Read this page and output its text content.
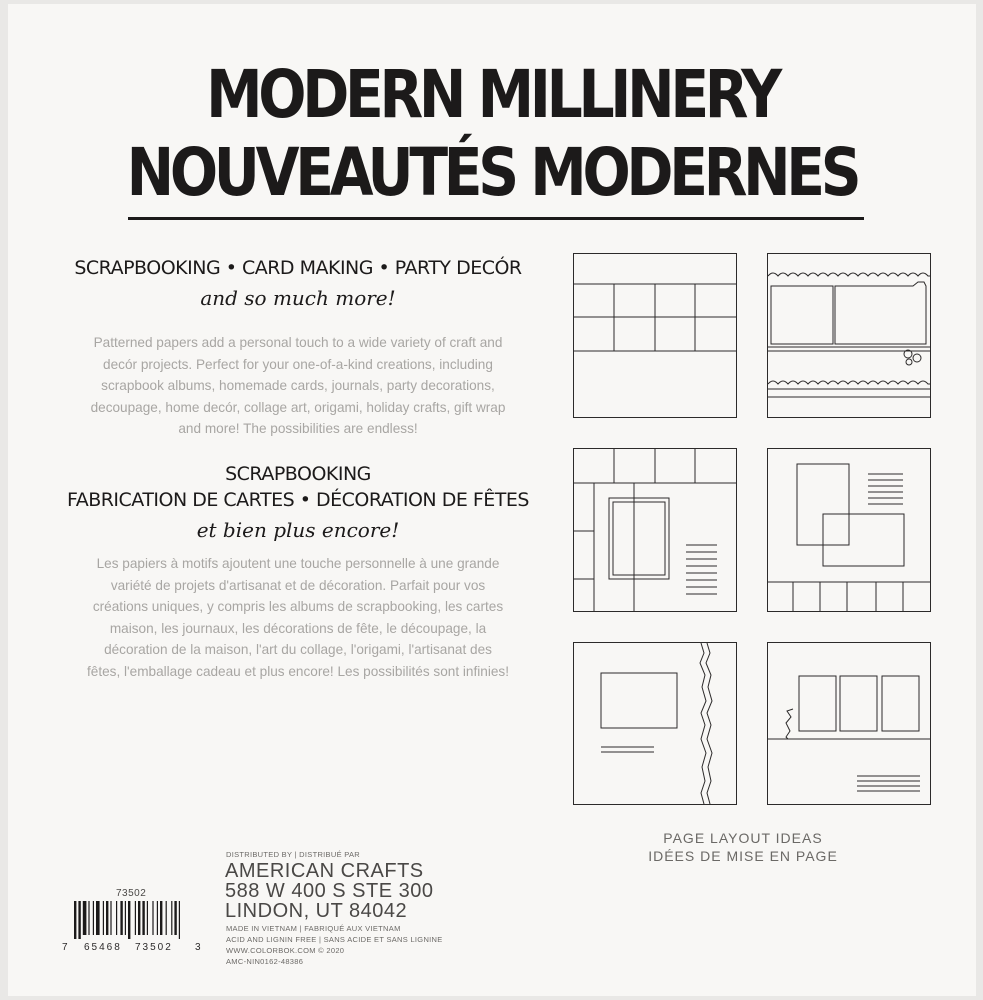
MODERN MILLINERY
NOUVEAUTÉS MODERNES
SCRAPBOOKING • CARD MAKING • PARTY DECÓR
and so much more!
Patterned papers add a personal touch to a wide variety of craft and
decór projects. Perfect for your one-of-a-kind creations, including
scrapbook albums, homemade cards, journals, party decorations,
decoupage, home decór, collage art, origami, holiday crafts, gift wrap
and more! The possibilities are endless!
SCRAPBOOKING
FABRICATION DE CARTES • DÉCORATION DE FÊTES
et bien plus encore!
Les papiers à motifs ajoutent une touche personnelle à une grande
variété de projets d'artisanat et de décoration. Parfait pour vos
créations uniques, y compris les albums de scrapbooking, les cartes
maison, les journaux, les décorations de fête, le découpage, la
décoration de la maison, l'art du collage, l'origami, l'artisanat des
fêtes, l'emballage cadeau et plus encore! Les possibilités sont infinies!
PAGE LAYOUT IDEAS
IDÉES DE MISE EN PAGE
DISTRIBUTED BY | DISTRIBUÉ PAR
AMERICAN CRAFTS
588 W 400 S STE 300
LINDON, UT 84042
MADE IN VIETNAM | FABRIQUÉ AUX VIETNAM
ACID AND LIGNIN FREE | SANS ACIDE ET SANS LIGNINE
WWW.COLORBOK.COM © 2020
AMC-NIN0162-48386
73502
7 65468 73502 3
